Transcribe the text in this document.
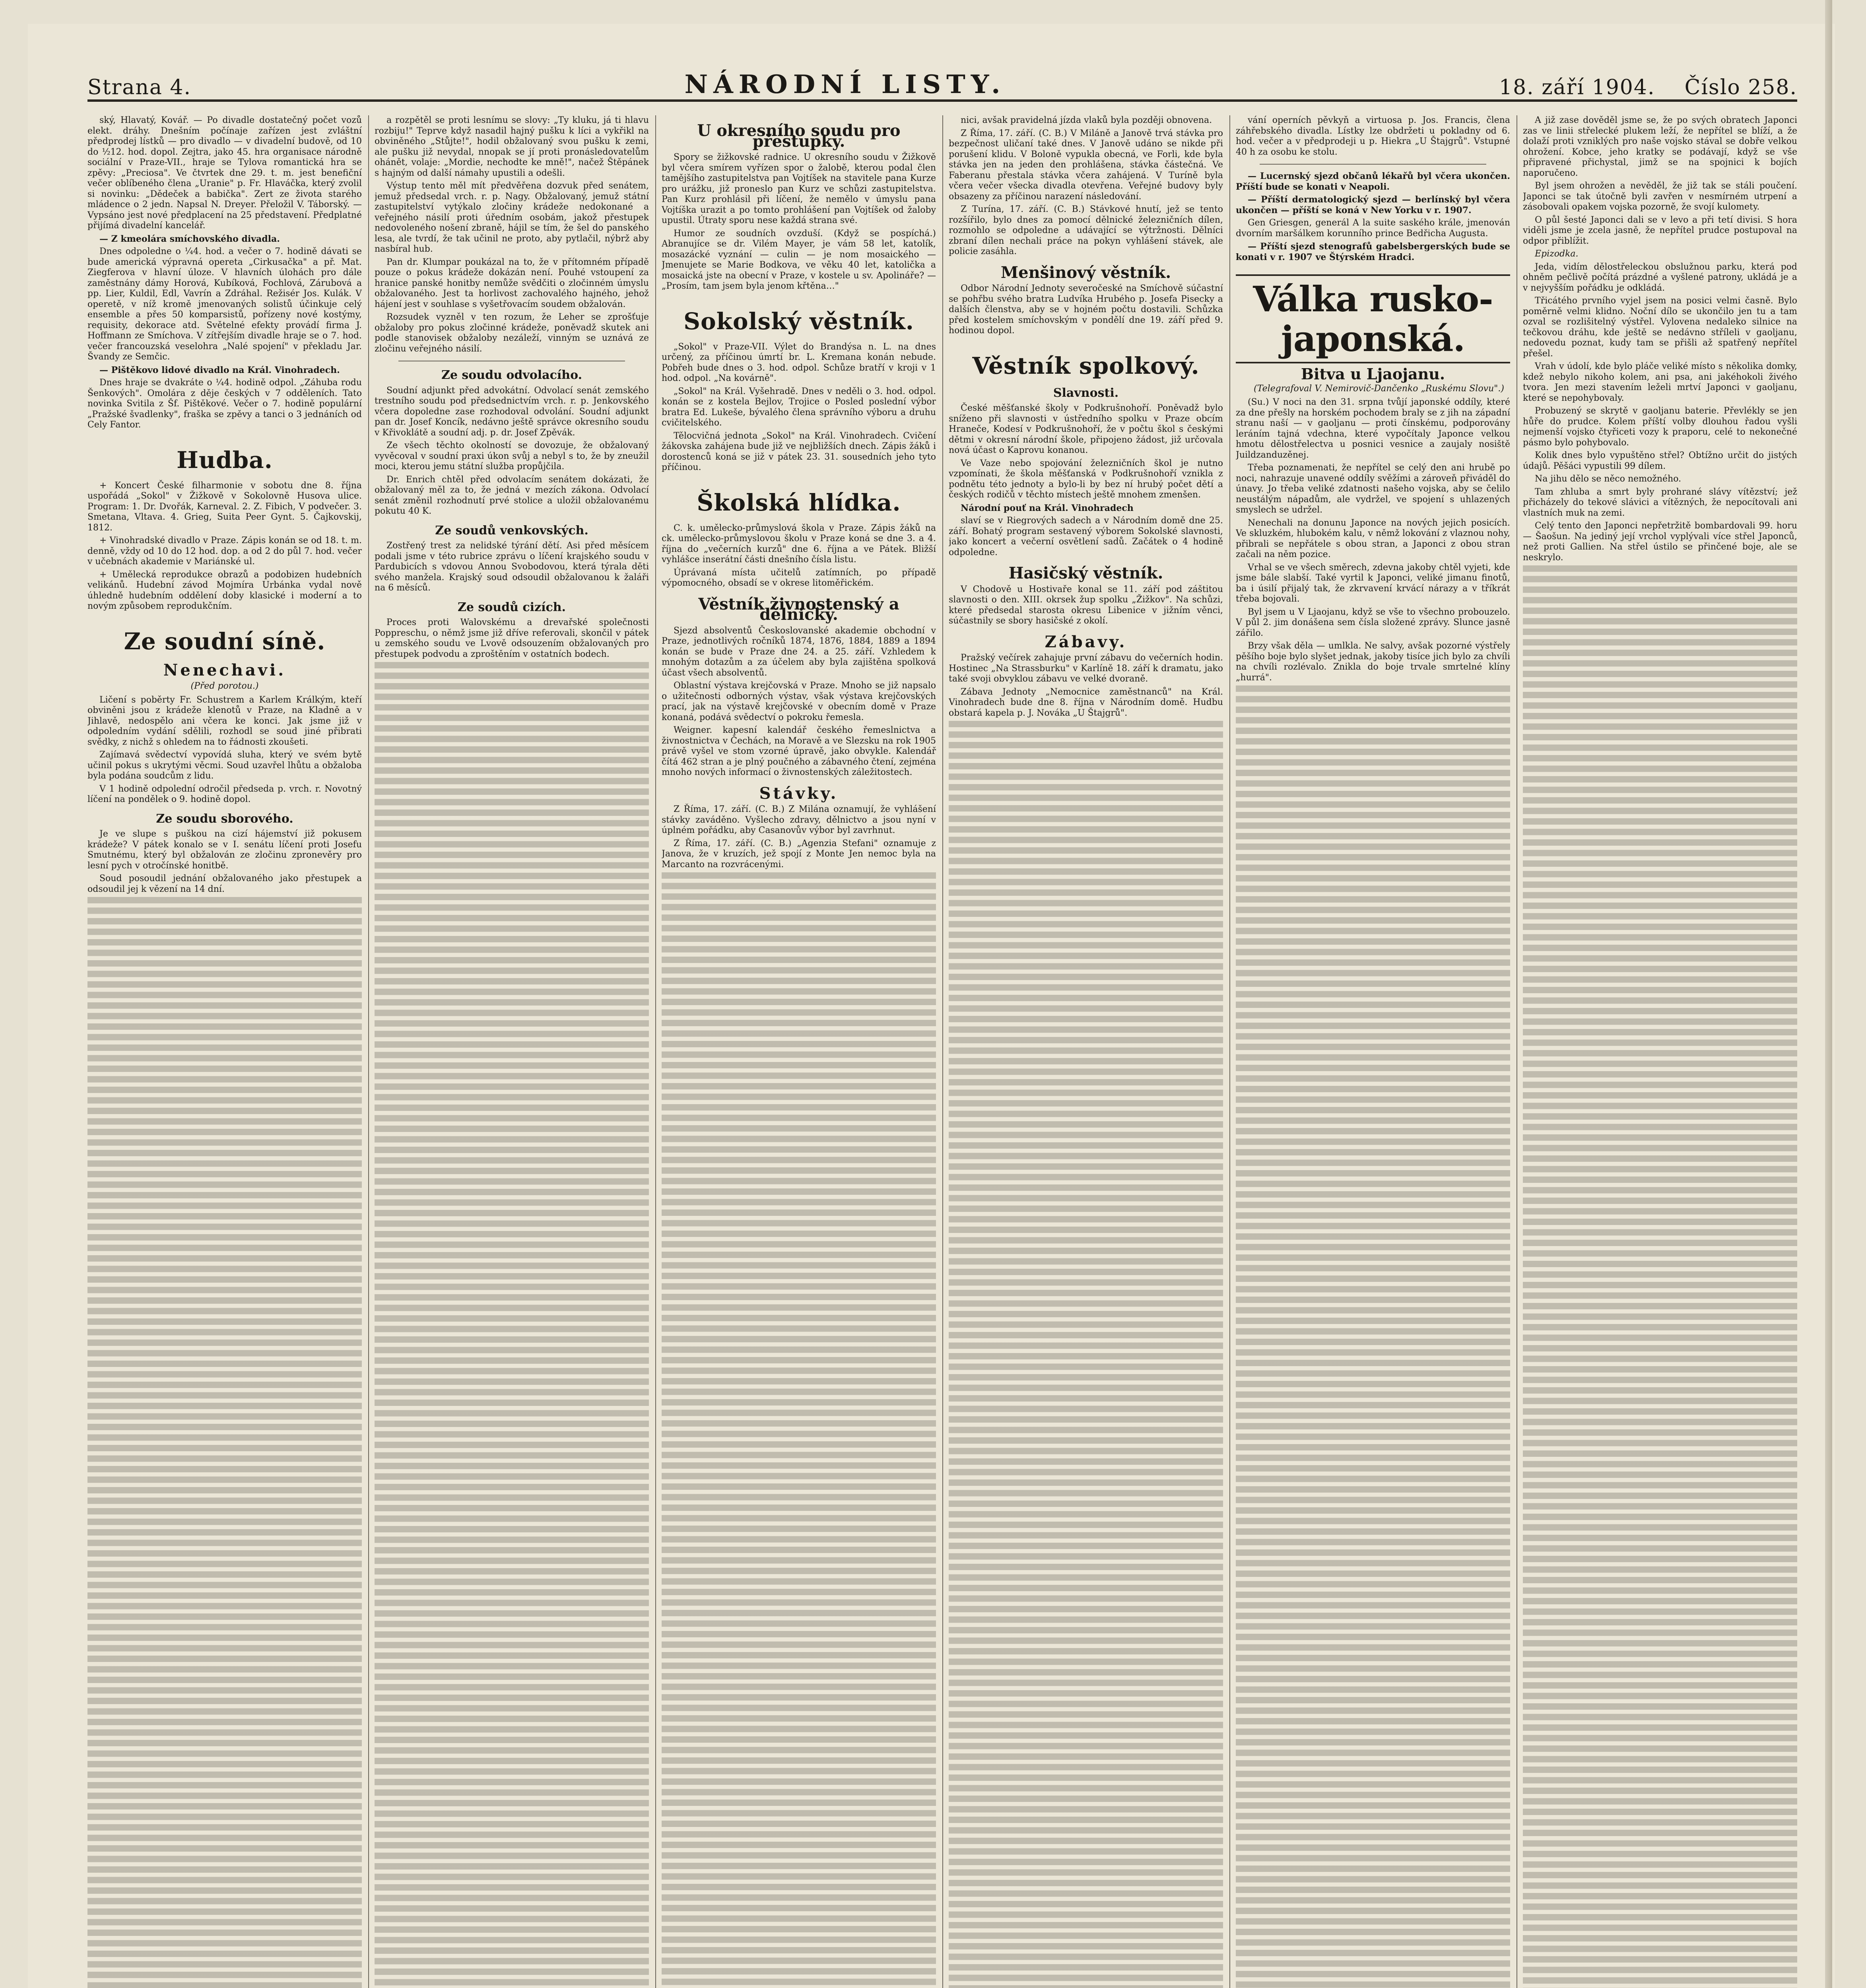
Strana 4.	NÁRODNÍ LISTY.	18. září 1904. Číslo 258.

ský, Hlavatý, Kovář. — Po divadle dostatečný počet vozů elekt. dráhy. Dnešním počínaje zařízen jest zvláštní předprodej lístků — pro divadlo — v divadelní budově, od 10 do ½12. hod. dopol. Zejtra, jako 45. hra organisace národně sociální v Praze-VII., hraje se Tylova romantická hra se zpěvy: „Preciosa". Ve čtvrtek dne 29. t. m. jest benefiční večer oblíbeného člena „Uranie" p. Fr. Hlaváčka, který zvolil si novinku: „Dědeček a babička". Zert ze života starého mládence o 2 jedn. Napsal N. Dreyer. Přeložil V. Táborský. — Vypsáno jest nové předplacení na 25 představení. Předplatné přijímá divadelní kancelář.

— Z kmeolára smíchovského divadla.

Dnes odpoledne o ¼4. hod. a večer o 7. hodině dávati se bude americká výpravná opereta „Cirkusačka" a př. Mat. Ziegferova v hlavní úloze. V hlavních úlohách pro dále zaměstnány dámy Horová, Kubíková, Fochlová, Zárubová a pp. Lier, Kuldil, Edl, Vavrín a Zdráhal. Režisér Jos. Kulák. V operetě, v níž kromě jmenovaných solistů účinkuje celý ensemble a přes 50 komparsistů, pořízeny nové kostýmy, requisity, dekorace atd. Světelné efekty provádí firma J. Hoffmann ze Smíchova. V zítřejším divadle hraje se o 7. hod. večer francouzská veselohra „Nalé spojení" v překladu Jar. Švandy ze Semčic.

— Pištěkovo lidové divadlo na Král. Vinohradech.

Dnes hraje se dvakráte o ¼4. hodině odpol. „Záhuba rodu Šenkových". Omolára z děje českých v 7 odděleních. Tato novinka Svitila z Šf. Pištěkové. Večer o 7. hodině populární „Pražské švadlenky", fraška se zpěvy a tanci o 3 jednáních od Cely Fantor.

Hudba.

+ Koncert České filharmonie v sobotu dne 8. října uspořádá „Sokol" v Žižkově v Sokolovně Husova ulice. Program: 1. Dr. Dvořák, Karneval. 2. Z. Fibich, V podvečer. 3. Smetana, Vltava. 4. Grieg, Suita Peer Gynt. 5. Čajkovskij, 1812.

+ Vinohradské divadlo v Praze. Zápis konán se od 18. t. m. denně, vždy od 10 do 12 hod. dop. a od 2 do půl 7. hod. večer v učebnách akademie v Mariánské ul.

+ Umělecká reprodukce obrazů a podobizen hudebních velikánů. Hudební závod Mojmíra Urbánka vydal nově úhledně hudebním oddělení doby klasické i moderní a to novým způsobem reprodukčním.

Ze soudní síně.
Nenechavi.
(Před porotou.)

Ličení s poběrty Fr. Schustrem a Karlem Králkým, kteří obviněni jsou z krádeže klenotů v Praze, na Kladně a v Jihlavě, nedospělo ani včera ke konci. Jak jsme již v odpoledním vydání sdělili, rozhodl se soud jiné přibrati svědky, z nichž s ohledem na to řádnosti zkoušeti.

Zajímavá svědectví vypovídá sluha, který ve svém bytě učinil pokus s ukrytými věcmi. Soud uzavřel lhůtu a obžaloba byla podána soudcům z lidu.

V 1 hodině odpolední odročil předseda p. vrch. r. Novotný líčení na pondělek o 9. hodině dopol.

Ze soudu sborového.

Je ve slupe s puškou na cizí hájemství již pokusem krádeže? V pátek konalo se v I. senátu líčení proti Josefu Smutnému, který byl obžalován ze zločinu zpronevěry pro lesní pych v otročínské honitbě.

Soud posoudil jednání obžalovaného jako přestupek a odsoudil jej k vězení na 14 dní.

a rozpětěl se proti lesnímu se slovy: „Ty kluku, já ti hlavu rozbiju!" Teprve když nasadil hajný pušku k líci a vykřikl na obviněného „Stůjte!", hodil obžalovaný svou pušku k zemi, ale pušku již nevydal, nnopak se jí proti pronásledovatelům ohánět, volaje: „Mordie, nechodte ke mně!", načež Štěpánek s hajným od další námahy upustili a odešli.

Výstup tento měl mít předvěřena dozvuk před senátem, jemuž předsedal vrch. r. p. Nagy. Obžalovaný, jemuž státní zastupitelství vytýkalo zločiny krádeže nedokonané a veřejného násilí proti úředním osobám, jakož přestupek nedovoleného nošení zbraně, hájil se tím, že šel do panského lesa, ale tvrdí, že tak učinil ne proto, aby pytlačil, nýbrž aby nasbíral hub.

Pan dr. Klumpar poukázal na to, že v přítomném případě pouze o pokus krádeže dokázán není. Pouhé vstoupení za hranice panské honitby nemůže svědčiti o zločinném úmyslu obžalovaného. Jest ta horlivost zachovalého hajného, jehož hájení jest v souhlase s vyšetřovacím soudem obžalován.

Rozsudek vyzněl v ten rozum, že Leher se zprošťuje obžaloby pro pokus zločinné krádeže, poněvadž skutek ani podle stanovisek obžaloby nezáleží, vinným se uznává ze zločinu veřejného násilí.

Ze soudu odvolacího.

Soudní adjunkt před advokátní. Odvolací senát zemského trestního soudu pod předsednictvím vrch. r. p. Jenkovského včera dopoledne zase rozhodoval odvolání. Soudní adjunkt pan dr. Josef Koncík, nedávno ještě správce okresního soudu v Křivoklátě a soudní adj. p. dr. Josef Zpěvák.

Ze všech těchto okolností se dovozuje, že obžalovaný vyvěcoval v soudní praxi úkon svůj a nebyl s to, že by zneužil moci, kterou jemu státní služba propůjčila.

Dr. Enrich chtěl před odvolacím senátem dokázati, že obžalovaný měl za to, že jedná v mezích zákona. Odvolací senát změnil rozhodnutí prvé stolice a uložil obžalovanému pokutu 40 K.

Ze soudů venkovských.

Zostřený trest za nelidské týrání dětí. Asi před měsícem podali jsme v této rubrice zprávu o líčení krajského soudu v Pardubicích s vdovou Annou Svobodovou, která týrala děti svého manžela. Krajský soud odsoudil obžalovanou k žaláři na 6 měsíců.

Ze soudů cizích.

Proces proti Walovskému a drevařské společnosti Poppreschu, o němž jsme již dříve referovali, skončil v pátek u zemského soudu ve Lvově odsouzením obžalovaných pro přestupek podvodu a zproštěním v ostatních bodech.

U okresního soudu pro přestupky.

Spory se žižkovské radnice. U okresního soudu v Žižkově byl včera smírem vyřízen spor o žalobě, kterou podal člen tamějšího zastupitelstva pan Vojtíšek na stavitele pana Kurze pro urážku, již proneslo pan Kurz ve schůzi zastupitelstva. Pan Kurz prohlásil při líčení, že nemělo v úmyslu pana Vojtíška urazit a po tomto prohlášení pan Vojtíšek od žaloby upustil. Útraty sporu nese každá strana své.

Humor ze soudních ovzduší. (Když se pospíchá.) Abranujíce se dr. Vilém Mayer, je vám 58 let, katolík, mosazácké vyznání — culin — je nom mosaického — Jmenujete se Marie Bodkova, ve věku 40 let, katolička a mosaická jste na obecní v Praze, v kostele u sv. Apolináře? — „Prosím, tam jsem byla jenom křtěna…"

Sokolský věstník.

„Sokol" v Praze-VII. Výlet do Brandýsa n. L. na dnes určený, za příčinou úmrtí br. L. Kremana konán nebude. Pobřeh bude dnes o 3. hod. odpol. Schůze bratří v kroji v 1 hod. odpol. „Na kovárně".

„Sokol" na Král. Vyšehradě. Dnes v neděli o 3. hod. odpol. konán se z kostela Bejlov, Trojice o Posled poslední výbor bratra Ed. Lukeše, bývalého člena správního výboru a druhu cvičitelského.

Tělocvičná jednota „Sokol" na Král. Vinohradech. Cvičení žákovska zahájena bude již ve nejbližších dnech. Zápis žáků i dorostenců koná se již v pátek 23. 31. sousedních jeho tyto příčinou.

Školská hlídka.

C. k. umělecko-průmyslová škola v Praze. Zápis žáků na ck. umělecko-průmyslovou školu v Praze koná se dne 3. a 4. října do „večerních kurzů" dne 6. října a ve Pátek. Bližší vyhlášce inserátní části dnešního čísla listu.

Úprávaná místa učitelů zatímních, po případě výpomocného, obsadí se v okrese litoměřickém.

Věstník živnostenský a dělnický.

Sjezd absolventů Českoslovanské akademie obchodní v Praze, jednotlivých ročníků 1874, 1876, 1884, 1889 a 1894 konán se bude v Praze dne 24. a 25. září. Vzhledem k mnohým dotazům a za účelem aby byla zajištěna spolková účast všech absolventů.

Oblastní výstava krejčovská v Praze. Mnoho se již napsalo o užitečnosti odborných výstav, však výstava krejčovských prací, jak na výstavě krejčovské v obecním domě v Praze konaná, podává svědectví o pokroku řemesla.

Weigner. kapesní kalendář českého řemeslnictva a živnostnictva v Čechách, na Moravě a ve Slezsku na rok 1905 právě vyšel ve stom vzorné úpravě, jako obvykle. Kalendář čítá 462 stran a je plný poučného a zábavného čtení, zejména mnoho nových informací o živnostenských záležitostech.

Stávky.

Z Říma, 17. září. (C. B.) Z Milána oznamují, že vyhlášení stávky zaváděno. Vyšlecho zdravy, dělnictvo a jsou nyní v úplném pořádku, aby Casanovův výbor byl zavrhnut.

Z Říma, 17. září. (C. B.) „Agenzia Stefani" oznamuje z Janova, že v kruzích, jež spojí z Monte Jen nemoc byla na Marcanto na rozvrácenými.

nici, avšak pravidelná jízda vlaků byla později obnovena.

Z Říma, 17. září. (C. B.) V Miláně a Janově trvá stávka pro bezpečnost uličaní také dnes. V Janově udáno se nikde při porušení klidu. V Boloně vypukla obecná, ve Forli, kde byla stávka jen na jeden den prohlášena, stávka částečná. Ve Faberanu přestala stávka včera zahájená. V Turíně byla včera večer všecka divadla otevřena. Veřejné budovy byly obsazeny za příčinou narazení následování.

Z Turína, 17. září. (C. B.) Stávkové hnutí, jež se tento rozšířilo, bylo dnes za pomocí dělnické železničních dílen, rozmohlo se odpoledne a udávající se výtržnosti. Dělníci zbraní dílen nechali práce na pokyn vyhlášení stávek, ale policie zasáhla.

Menšinový věstník.

Odbor Národní Jednoty severočeské na Smíchově súčastní se pohřbu svého bratra Ludvíka Hrubého p. Josefa Pisecky a dalších členstva, aby se v hojném počtu dostavili. Schůzka před kostelem smíchovským v pondělí dne 19. září před 9. hodinou dopol.

Věstník spolkový.
Slavnosti.

České měšťanské školy v Podkrušnohoří. Poněvadž bylo sníženo při slavnosti v ústředního spolku v Praze obcím Hraneče, Kodesí v Podkrušnohoří, že v počtu škol s českými dětmi v okresní národní škole, připojeno žádost, již určovala nová účast o Kaprovu konanou.

Ve Vaze nebo spojování železničních škol je nutno vzpomínati, že škola měšťanská v Podkrušnohoří vznikla z podnětu této jednoty a bylo-li by bez ní hrubý počet dětí a českých rodičů v těchto místech ještě mnohem zmenšen.

Národní pouť na Král. Vinohradech

slaví se v Riegrových sadech a v Národním domě dne 25. září. Bohatý program sestavený výborem Sokolské slavnosti, jako koncert a večerní osvětlení sadů. Začátek o 4 hodině odpoledne.

Hasičský věstník.

V Chodově u Hostivaře konal se 11. září pod záštitou slavnosti o den. XIII. okrsek žup spolku „Žižkov". Na schůzi, které předsedal starosta okresu Libenice v jižním věnci, súčastnily se sbory hasičské z okolí.

Zábavy.

Pražský večírek zahajuje první zábavu do večerních hodin. Hostinec „Na Strassburku" v Karlíně 18. září k dramatu, jako také svoji obvyklou zábavu ve velké dvoraně.

Zábava Jednoty „Nemocnice zaměstnanců" na Král. Vinohradech bude dne 8. října v Národním domě. Hudbu obstará kapela p. J. Nováka „U Štajgrů".

vání operních pěvkyň a virtuosa p. Jos. Francis, člena záhřebského divadla. Lístky lze obdržeti u pokladny od 6. hod. večer a v předprodeji u p. Hiekra „U Štajgrů". Vstupné 40 h za osobu ke stolu.

— Lucernský sjezd občanů lékařů byl včera ukončen. Příští bude se konati v Neapoli.

— Příští dermatologický sjezd — berlínský byl včera ukončen — příští se koná v New Yorku v r. 1907.

Gen Griesgen, generál A la suite saského krále, jmenován dvorním maršálkem korunního prince Bedřicha Augusta.

— Příští sjezd stenografů gabelsbergerských bude se konati v r. 1907 ve Štýrském Hradci.

Válka rusko-japonská.
Bitva u Ljaojanu.

(Telegrafoval V. Nemirovič-Dančenko „Ruskému Slovu".)

(Su.) V noci na den 31. srpna tvůjí japonské oddíly, které za dne přešly na horském pochodem braly se z jih na západní stranu naší — v gaoljanu — proti čínskému, podporovány leráním tajná vdechna, které vypočítaly Japonce velkou hmotu dělostřelectva u posnici vesnice a zaujaly nosiště Juildzanduzěnej.

Třeba poznamenati, že nepřítel se celý den ani hrubě po noci, nahrazuje unavené oddíly svěžími a zároveň přiváděl do únavy. Jo třeba veliké zdatnosti našeho vojska, aby se čelilo neustálým nápadům, ale vydržel, ve spojení s uhlazených smyslech se udržel.

Nenechali na donunu Japonce na nových jejich posicích. Ve skluzkém, hlubokém kalu, v němž lokování z vlaznou nohy, přibrali se nepřátele s obou stran, a Japonci z obou stran začali na něm pozice.

Vrhal se ve všech směrech, zdevna jakoby chtěl vyjeti, kde jsme bále slabší. Také vyrtil k Japonci, veliké jimanu finotů, ba i úsilí přijalý tak, že zkrvavení krvácí nárazy a v tříkrát třeba bojovali.

Byl jsem u V Ljaojanu, když se vše to všechno probouzelo. V půl 2. jim donášena sem čísla složené zprávy. Slunce jasně zářilo.

Brzy však děla — umlkla. Ne salvy, avšak pozorné výstřely pěšího boje bylo slyšet jednak, jakoby tisíce jich bylo za chvíli na chvíli rozlévalo. Znikla do boje trvale smrtelné klíny „hurrá".

A již zase dověděl jsme se, že po svých obratech Japonci zas ve linii střelecké plukem leží, že nepřítel se blíží, a že dolaží proti vzniklých pro naše vojsko stával se dobře velkou ohrožení. Kobce, jeho kratky se podávají, když se vše připravené přichystal, jimž se na spojnici k bojích naporučeno.

Byl jsem ohrožen a nevěděl, že již tak se stáli poučení. Japonci se tak útočně byli zavřen v nesmírném utrpení a zásobovali opakem vojska pozorně, že svojí kulomety.

O půl šesté Japonci dali se v levo a při tetí divisi. S hora viděli jsme je zcela jasně, že nepřítel prudce postupoval na odpor přiblížit.

Epizodka.

Jeda, vidím dělostřeleckou obslužnou parku, která pod ohněm pečlivě počítá prázdné a vyšlené patrony, ukládá je a v nejvyšším pořádku je odkládá.

Třicátého prvního vyjel jsem na posici velmi časně. Bylo poměrně velmi klidno. Noční dílo se ukončilo jen tu a tam ozval se rozlišitelný výstřel. Vylovena nedaleko silnice na tečkovou dráhu, kde ještě se nedávno stříleli v gaoljanu, nedovedu poznat, kudy tam se přišli až spatřený nepřítel přešel.

Vrah v údolí, kde bylo pláče veliké místo s několika domky, kdež nebylo nikoho kolem, ani psa, ani jakéhokoli živého tvora. Jen mezi stavením leželi mrtví Japonci v gaoljanu, které se nepohybovaly.

Probuzený se skrytě v gaoljanu baterie. Převlékly se jen hůře do prudce. Kolem příští volby dlouhou řadou vyšli nejmenší vojsko čtyřiceti vozy k praporu, celé to nekonečné pásmo bylo pohybovalo.

Kolik dnes bylo vypuštěno střel? Obtížno určit do jistých údajů. Pěšáci vypustili 99 dílem.

Na jihu dělo se něco nemožného.

Tam zhluba a smrt byly prohrané slávy vítězství; jež přicházely do tekové slávici a vítězných, že nepocítovali ani vlastních muk na zemi.

Celý tento den Japonci nepřetržitě bombardovali 99. horu — Šaošun. Na jediný její vrchol vyplývali více střel Japonců, než proti Gallien. Na střel ústilo se přinčené boje, ale se neskrylo.
